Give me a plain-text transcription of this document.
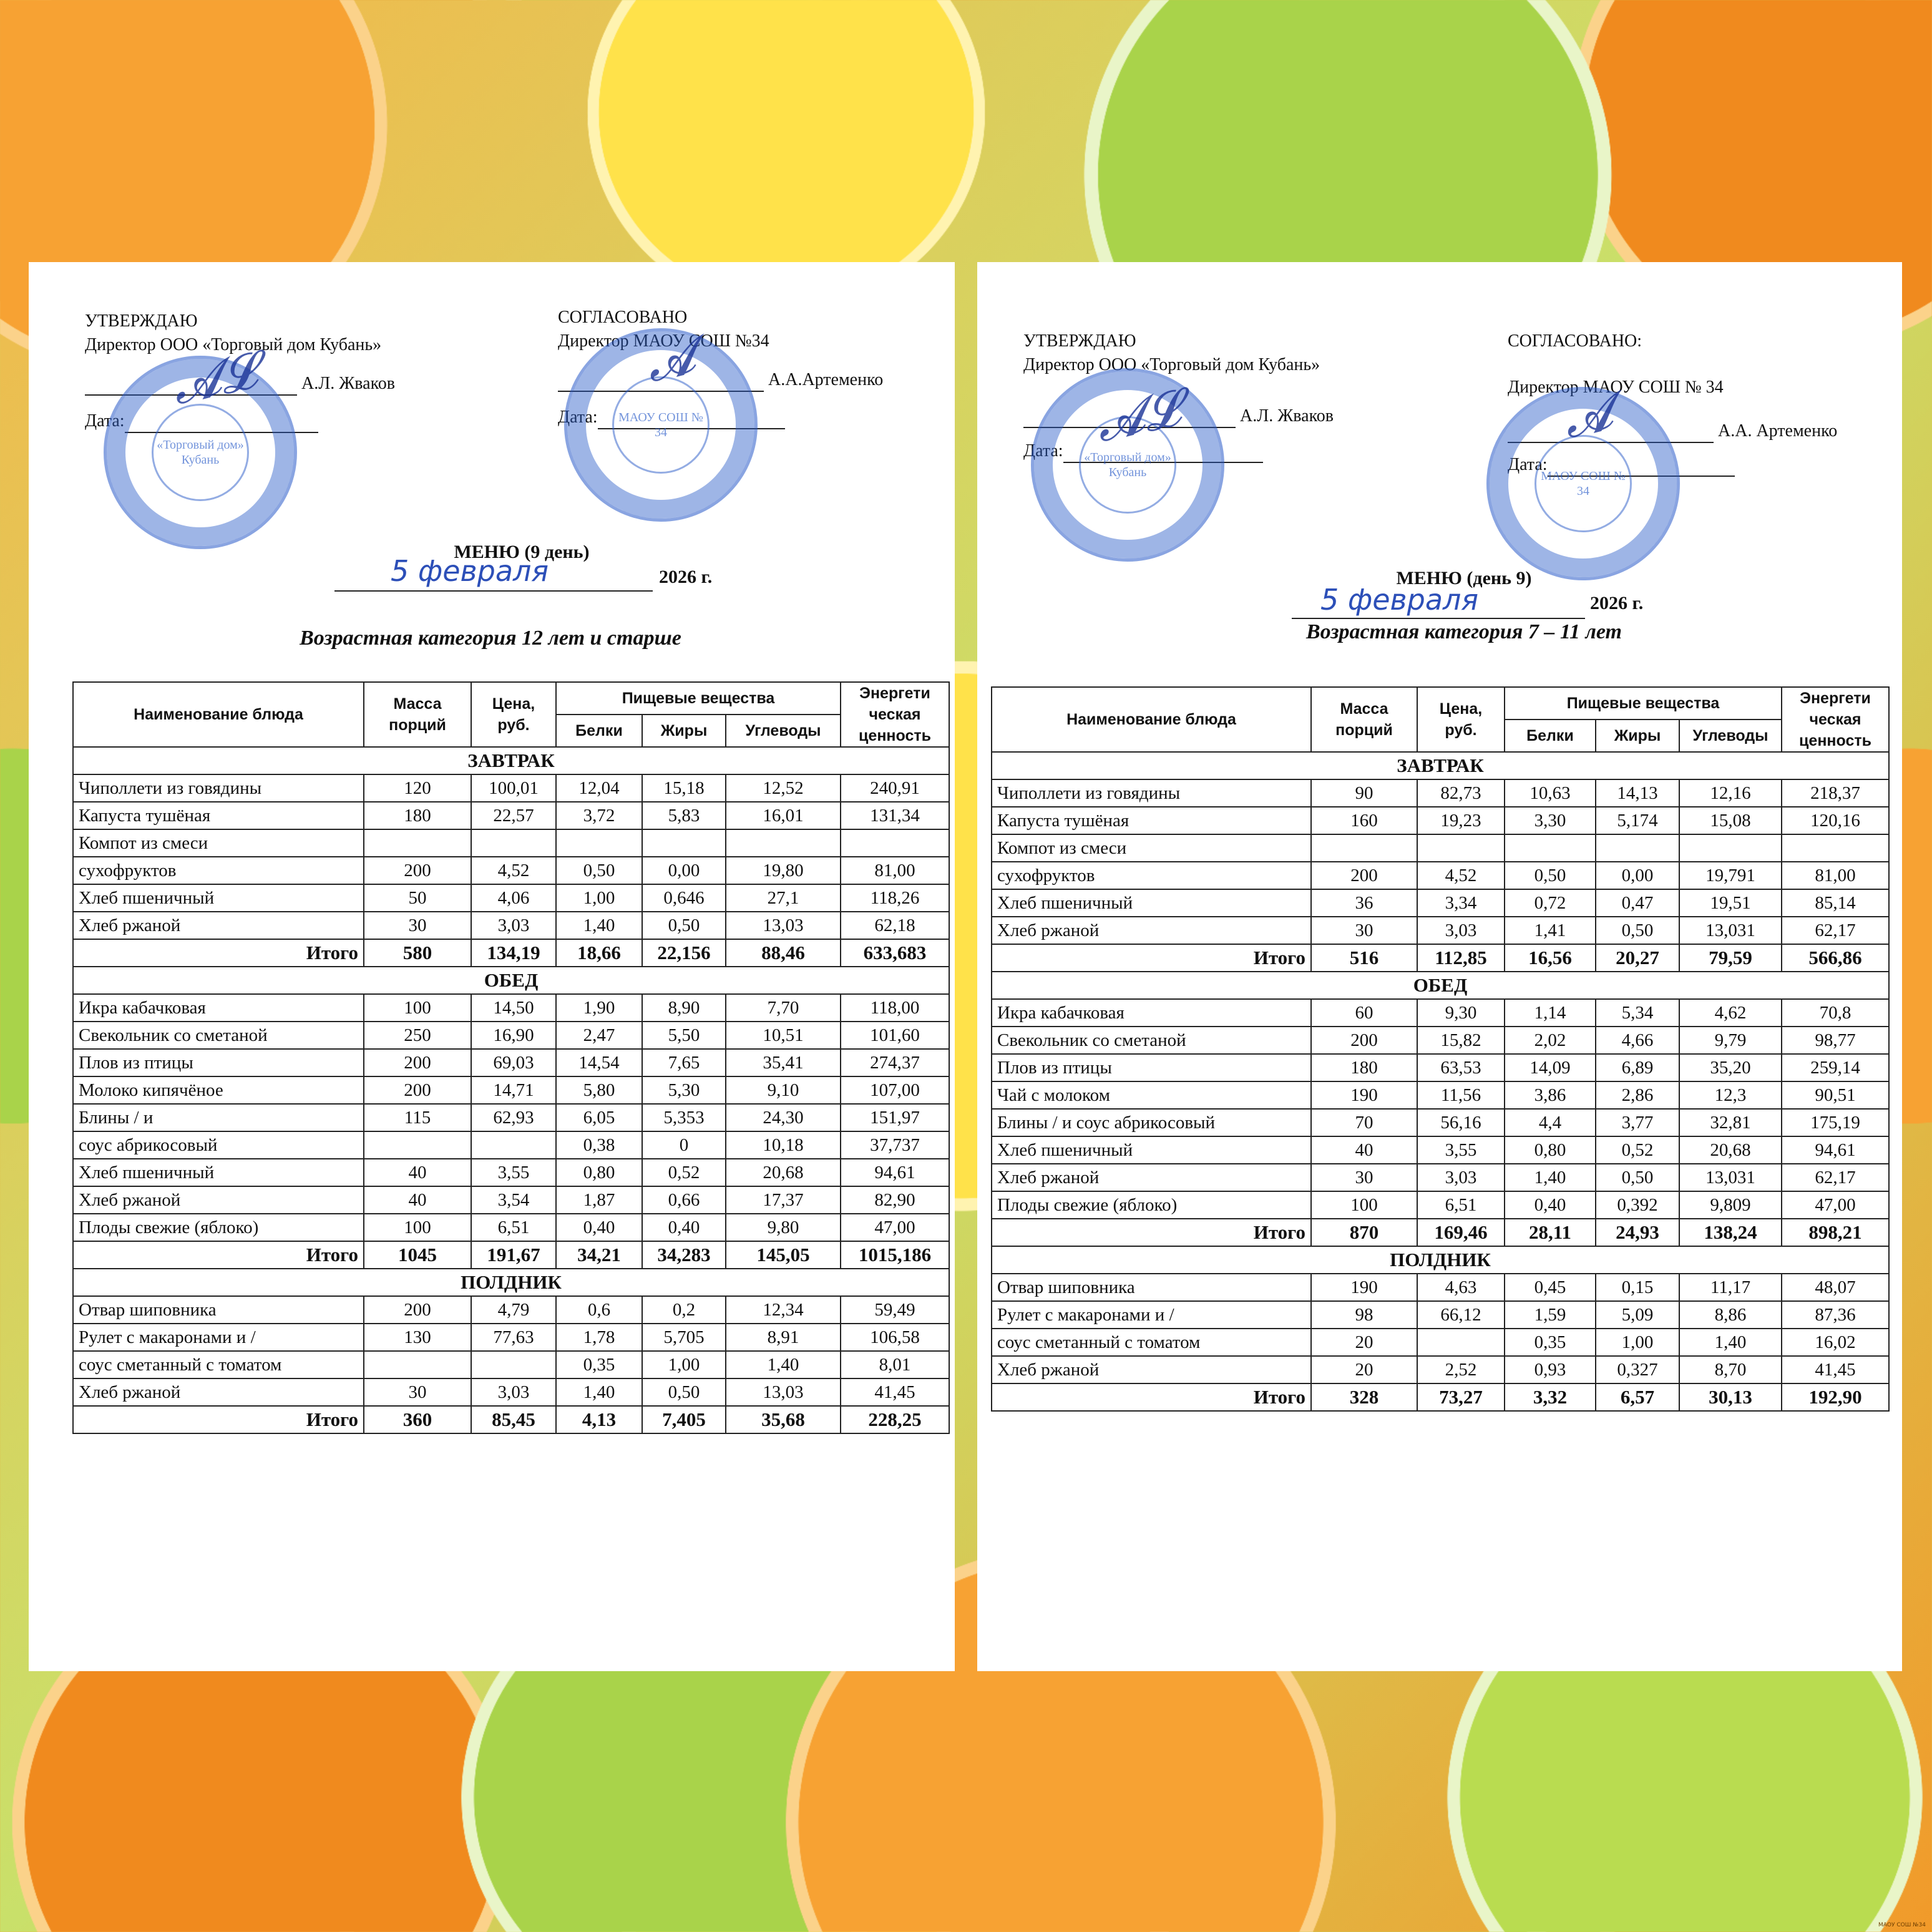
УТВЕРЖДАЮ
Директор ООО «Торговый дом Кубань»
А.Л. Жваков
Дата:
«Торговый дом» Кубань
𝓐𝓛
СОГЛАСОВАНО
Директор МАОУ СОШ №34
А.А.Артеменко
Дата:	МАОУ СОШ № 34
𝓐
МЕНЮ (9 день)
5 февраля	2026 г.
Возрастная категория 12 лет и старше
Наименование блюда	Масса порций	Цена, руб.	Пищевые вещества			Энергети ческая ценность
			Белки	Жиры	Углеводы	
ЗАВТРАК						
Чиполлети из говядины	120	100,01	12,04	15,18	12,52	240,91
Капуста тушёная	180	22,57	3,72	5,83	16,01	131,34
Компот из смеси						
сухофруктов	200	4,52	0,50	0,00	19,80	81,00
Хлеб пшеничный	50	4,06	1,00	0,646	27,1	118,26
Хлеб ржаной	30	3,03	1,40	0,50	13,03	62,18
Итого	580	134,19	18,66	22,156	88,46	633,683
ОБЕД						
Икра кабачковая	100	14,50	1,90	8,90	7,70	118,00
Свекольник со сметаной	250	16,90	2,47	5,50	10,51	101,60
Плов из птицы	200	69,03	14,54	7,65	35,41	274,37
Молоко кипячёное	200	14,71	5,80	5,30	9,10	107,00
Блины / и	115	62,93	6,05	5,353	24,30	151,97
соус абрикосовый			0,38	0	10,18	37,737
Хлеб пшеничный	40	3,55	0,80	0,52	20,68	94,61
Хлеб ржаной	40	3,54	1,87	0,66	17,37	82,90
Плоды свежие (яблоко)	100	6,51	0,40	0,40	9,80	47,00
Итого	1045	191,67	34,21	34,283	145,05	1015,186
ПОЛДНИК						
Отвар шиповника	200	4,79	0,6	0,2	12,34	59,49
Рулет с макаронами и /	130	77,63	1,78	5,705	8,91	106,58
соус сметанный с томатом			0,35	1,00	1,40	8,01
Хлеб ржаной	30	3,03	1,40	0,50	13,03	41,45
Итого	360	85,45	4,13	7,405	35,68	228,25
УТВЕРЖДАЮ
Директор ООО «Торговый дом Кубань»
А.Л. Жваков
Дата:	«Торговый дом» Кубань
𝓐𝓛
СОГЛАСОВАНО:
Директор МАОУ СОШ № 34
А.А. Артеменко
Дата:
МАОУ СОШ № 34
𝓐
МЕНЮ (день 9)
5 февраля	2026 г.
Возрастная категория 7 – 11 лет
Наименование блюда	Масса порций	Цена, руб.	Пищевые вещества			Энергети ческая ценность
			Белки	Жиры	Углеводы	
ЗАВТРАК						
Чиполлети из говядины	90	82,73	10,63	14,13	12,16	218,37
Капуста тушёная	160	19,23	3,30	5,174	15,08	120,16
Компот из смеси						
сухофруктов	200	4,52	0,50	0,00	19,791	81,00
Хлеб пшеничный	36	3,34	0,72	0,47	19,51	85,14
Хлеб ржаной	30	3,03	1,41	0,50	13,031	62,17
Итого	516	112,85	16,56	20,27	79,59	566,86
ОБЕД						
Икра кабачковая	60	9,30	1,14	5,34	4,62	70,8
Свекольник со сметаной	200	15,82	2,02	4,66	9,79	98,77
Плов из птицы	180	63,53	14,09	6,89	35,20	259,14
Чай с молоком	190	11,56	3,86	2,86	12,3	90,51
Блины / и соус абрикосовый	70	56,16	4,4	3,77	32,81	175,19
Хлеб пшеничный	40	3,55	0,80	0,52	20,68	94,61
Хлеб ржаной	30	3,03	1,40	0,50	13,031	62,17
Плоды свежие (яблоко)	100	6,51	0,40	0,392	9,809	47,00
Итого	870	169,46	28,11	24,93	138,24	898,21
ПОЛДНИК						
Отвар шиповника	190	4,63	0,45	0,15	11,17	48,07
Рулет с макаронами и /	98	66,12	1,59	5,09	8,86	87,36
соус сметанный с томатом	20		0,35	1,00	1,40	16,02
Хлеб ржаной	20	2,52	0,93	0,327	8,70	41,45
Итого	328	73,27	3,32	6,57	30,13	192,90
МАОУ СОШ №34
